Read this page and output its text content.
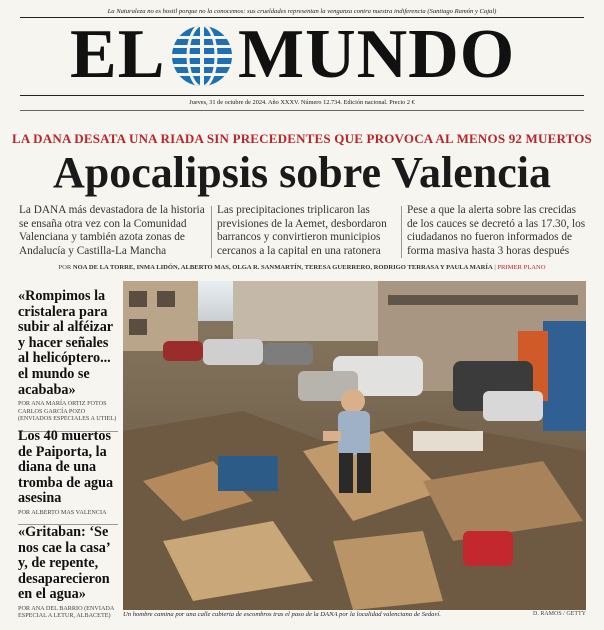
La Naturaleza no es hostil porque no la conocemos: sus crueldades representan la venganza contra nuestra indiferencia (Santiago Ramón y Cajal)
EL MUNDO
Jueves, 31 de octubre de 2024. Año XXXV. Número 12.734. Edición nacional. Precio 2 €
LA DANA DESATA UNA RIADA SIN PRECEDENTES QUE PROVOCA AL MENOS 92 MUERTOS
Apocalipsis sobre Valencia
La DANA más devastadora de la historia se ensaña otra vez con la Comunidad Valenciana y también azota zonas de Andalucía y Castilla-La Mancha
Las precipitaciones triplicaron las previsiones de la Aemet, desbordaron barrancos y convirtieron municipios cercanos a la capital en una ratonera
Pese a que la alerta sobre las crecidas de los cauces se decretó a las 17.30, los ciudadanos no fueron informados de forma masiva hasta 3 horas después
POR NOA DE LA TORRE, INMA LIDÓN, ALBERTO MAS, OLGA R. SANMARTÍN, TERESA GUERRERO, RODRIGO TERRASA Y PAULA MARÍA | PRIMER PLANO
«Rompimos la cristalera para subir al alféizar y hacer señales al helicóptero... el mundo se acababa»
POR ANA MARÍA ORTIZ FOTOS CARLOS GARCÍA POZO (ENVIADOS ESPECIALES A UTIEL)
Los 40 muertos de Paiporta, la diana de una tromba de agua asesina
POR ALBERTO MAS VALENCIA
«Gritaban: ‘Se nos cae la casa’ y, de repente, desaparecieron en el agua»
POR ANA DEL BARRIO (ENVIADA ESPECIAL A LETUR, ALBACETE)	Un hombre camina por una calle cubierta de escombros tras el paso de la DANA por la localidad valenciana de Sedaví.	D. RAMOS / GETTY
